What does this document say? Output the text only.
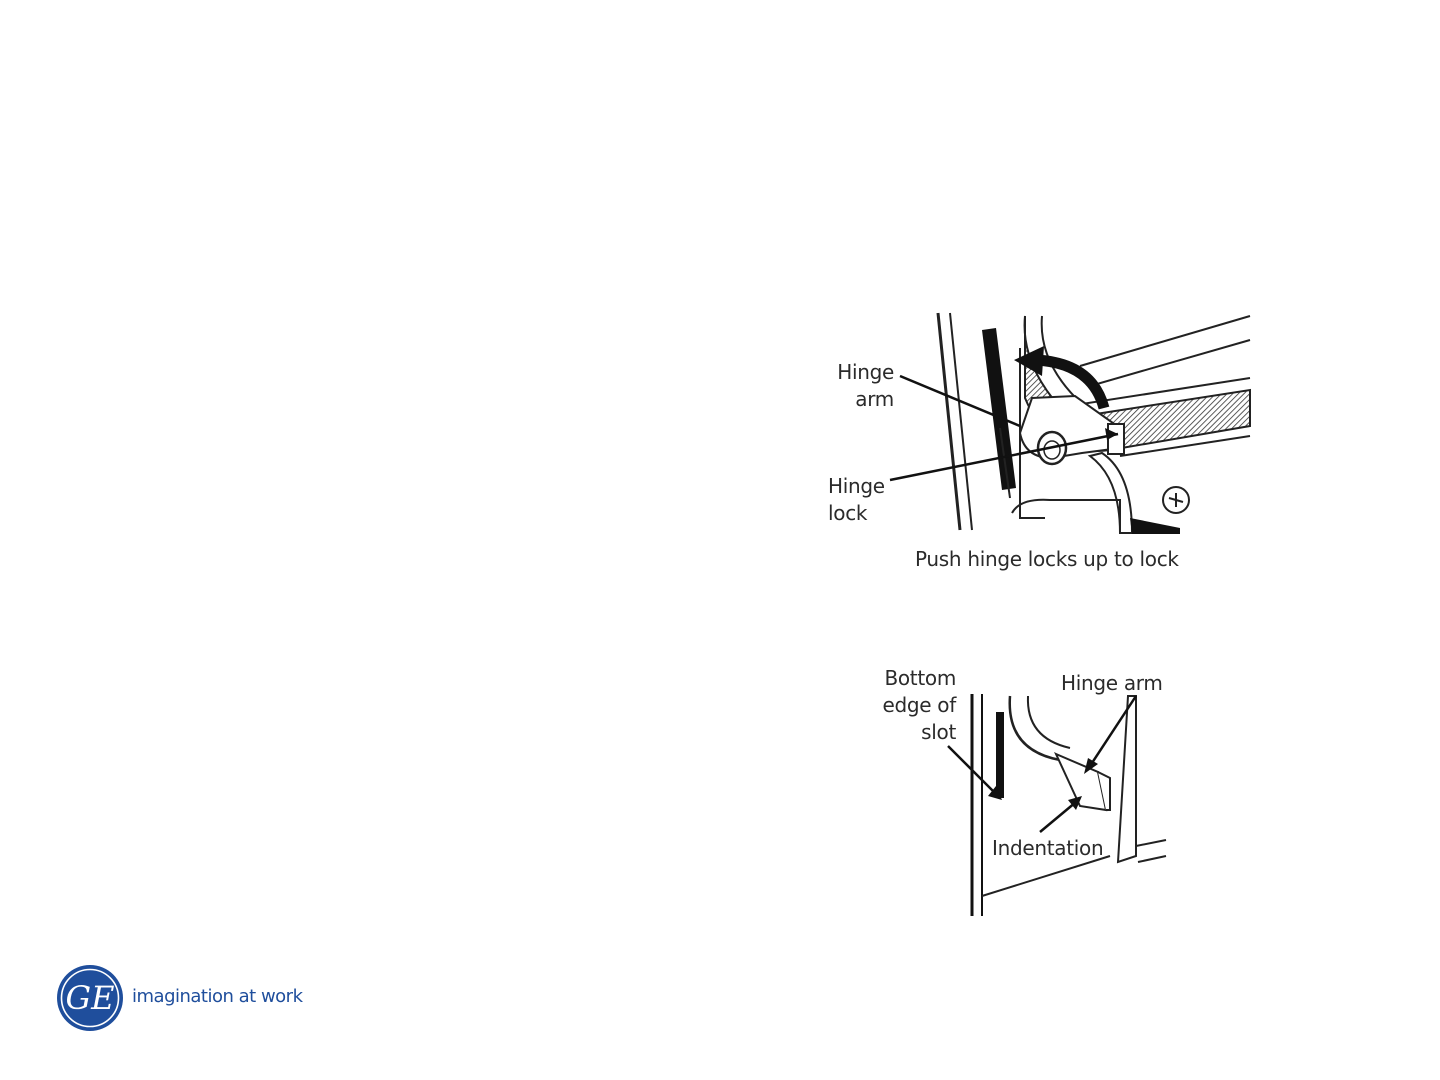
Hinge
arm
Hinge
lock
Push hinge locks up to lock
Bottom
edge of
slot
Hinge arm
Indentation
GE imagination at work
